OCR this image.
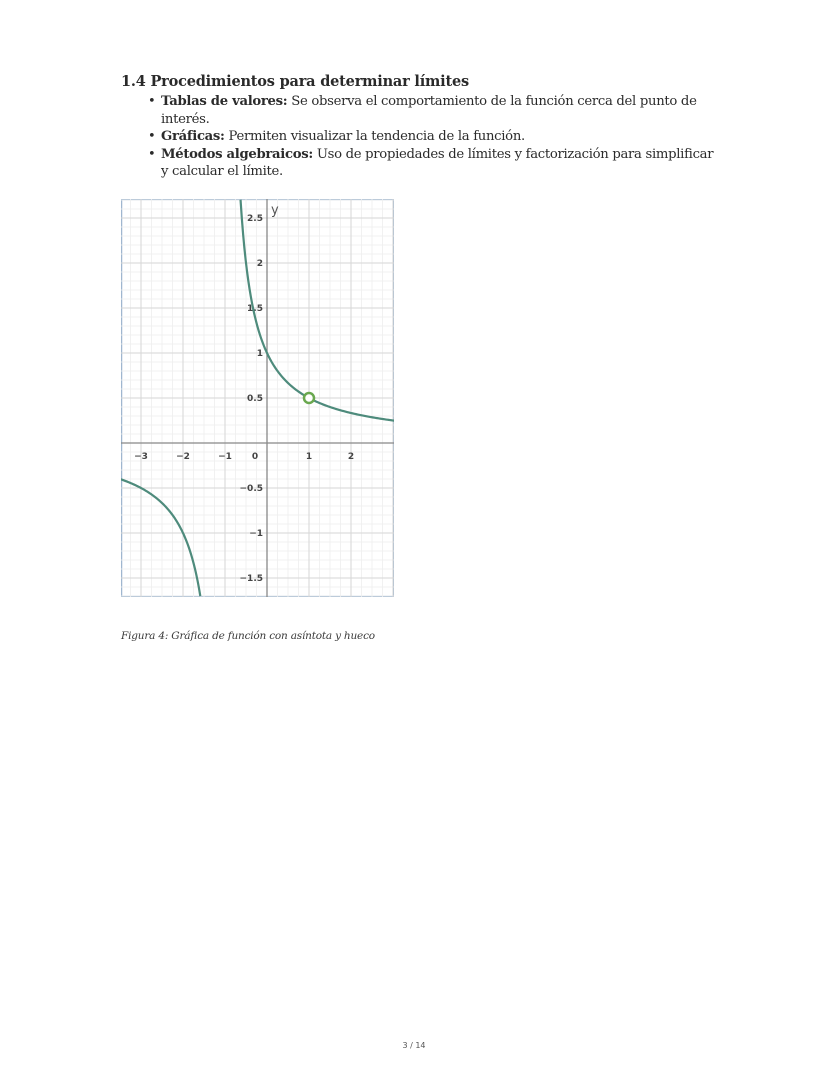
1.4 Procedimientos para determinar límites
• Tablas de valores: Se observa el comportamiento de la función cerca del punto de interés.
• Gráficas: Permiten visualizar la tendencia de la función.
• Métodos algebraicos: Uso de propiedades de límites y factorización para simplificar y calcular el límite.
−3	−2	−1 0	1	2
2.5
2
1.5
1
0.5
−0.5
−1
−1.5
y
Figura 4: Gráfica de función con asíntota y hueco
3 / 14
